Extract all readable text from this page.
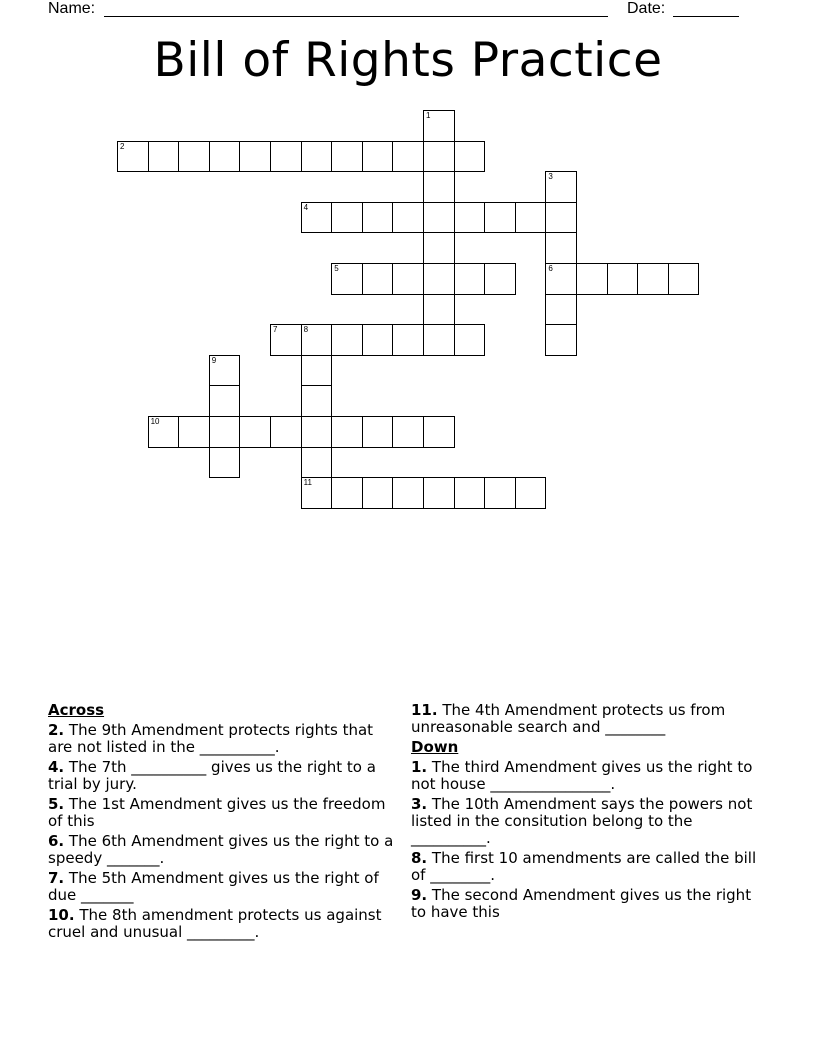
Name:	Date:
Bill of Rights Practice
1
2
3
6
4
5
7	8
11
9
10
Across
2. The 9th Amendment protects rights that are not listed in the __________.
4. The 7th __________ gives us the right to a trial by jury.
5. The 1st Amendment gives us the freedom of this
6. The 6th Amendment gives us the right to a speedy _______.
7. The 5th Amendment gives us the right of due _______
10. The 8th amendment protects us against cruel and unusual _________.
11. The 4th Amendment protects us from unreasonable search and ________
Down
1. The third Amendment gives us the right to not house ________________.
3. The 10th Amendment says the powers not listed in the consitution belong to the __________.
8. The first 10 amendments are called the bill of ________.
9. The second Amendment gives us the right to have this
